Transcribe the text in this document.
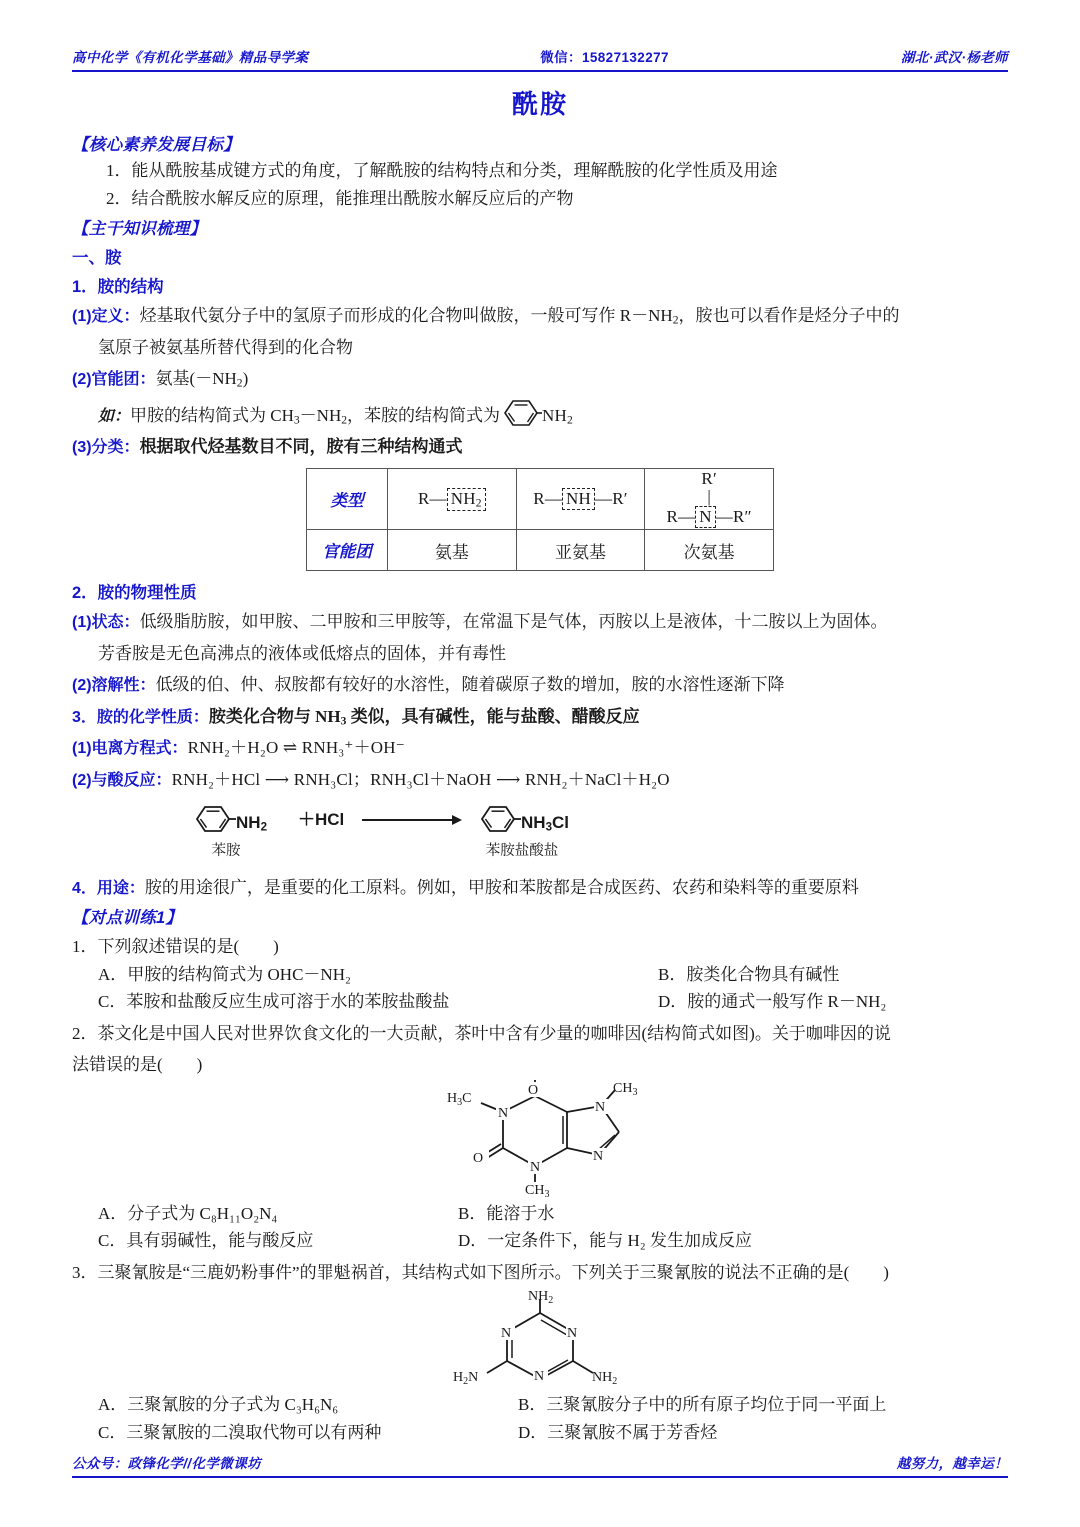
高中化学《有机化学基础》精品导学案	微信：15827132277	湖北·武汉·杨老师
酰胺
【核心素养发展目标】
1．能从酰胺基成键方式的角度，了解酰胺的结构特点和分类，理解酰胺的化学性质及用途
2．结合酰胺水解反应的原理，能推理出酰胺水解反应后的产物
【主干知识梳理】
一、胺
1．胺的结构
(1)定义：烃基取代氨分子中的氢原子而形成的化合物叫做胺，一般可写作 $R-NH_2$，胺也可以看作是烃分子中的
氢原子被氨基所替代得到的化合物
(2)官能团：氨基$(-NH_2)$
如：甲胺的结构简式为 $CH_3-NH_2$，苯胺的结构简式为 $NH_2$
(3)分类：根据取代烃基数目不同，胺有三种结构通式
类型	R— $NH_2$	R— NH —R′	R′
|
R— N —R″

官能团	氨基	亚氨基	次氨基
2．胺的物理性质
(1)状态：低级脂肪胺，如甲胺、二甲胺和三甲胺等，在常温下是气体，丙胺以上是液体，十二胺以上为固体。
芳香胺是无色高沸点的液体或低熔点的固体，并有毒性
(2)溶解性：低级的伯、仲、叔胺都有较好的水溶性，随着碳原子数的增加，胺的水溶性逐渐下降
3．胺的化学性质：胺类化合物与 $NH_3$ 类似，具有碱性，能与盐酸、醋酸反应
(1)电离方程式：RNH₂＋H₂O ⇌ RNH₃⁺＋OH⁻
(2)与酸反应：RNH₂＋HCl ⟶ RNH₃Cl；RNH₃Cl＋NaOH ⟶ RNH₂＋NaCl＋H₂O
$NH_2 +HCl$	$NH_3Cl$
苯胺	苯胺盐酸盐
4．用途：胺的用途很广，是重要的化工原料。例如，甲胺和苯胺都是合成医药、农药和染料等的重要原料
【对点训练1】
1．下列叙述错误的是(　　)
A．甲胺的结构简式为 OHC－NH₂	B．胺类化合物具有碱性
C．苯胺和盐酸反应生成可溶于水的苯胺盐酸盐	D．胺的通式一般写作 R－NH₂
2．茶文化是中国人民对世界饮食文化的一大贡献，茶叶中含有少量的咖啡因(结构简式如图)。关于咖啡因的说
法错误的是(　　)
O
O
N
N
N
N
$H_3C$
$CH_3$
$CH_3$
A．分子式为 C₈H₁₁O₂N₄	B．能溶于水
C．具有弱碱性，能与酸反应	D．一定条件下，能与 H₂ 发生加成反应
3．三聚氰胺是“三鹿奶粉事件”的罪魁祸首，其结构式如下图所示。下列关于三聚氰胺的说法不正确的是(　　)
N	N
N
$NH_2$
$NH_2$
$H_2N$
A．三聚氰胺的分子式为 C₃H₆N₆	B．三聚氰胺分子中的所有原子均位于同一平面上
C．三聚氰胺的二溴取代物可以有两种	D．三聚氰胺不属于芳香烃
公众号：政锋化学//化学微课坊	越努力，越幸运！
